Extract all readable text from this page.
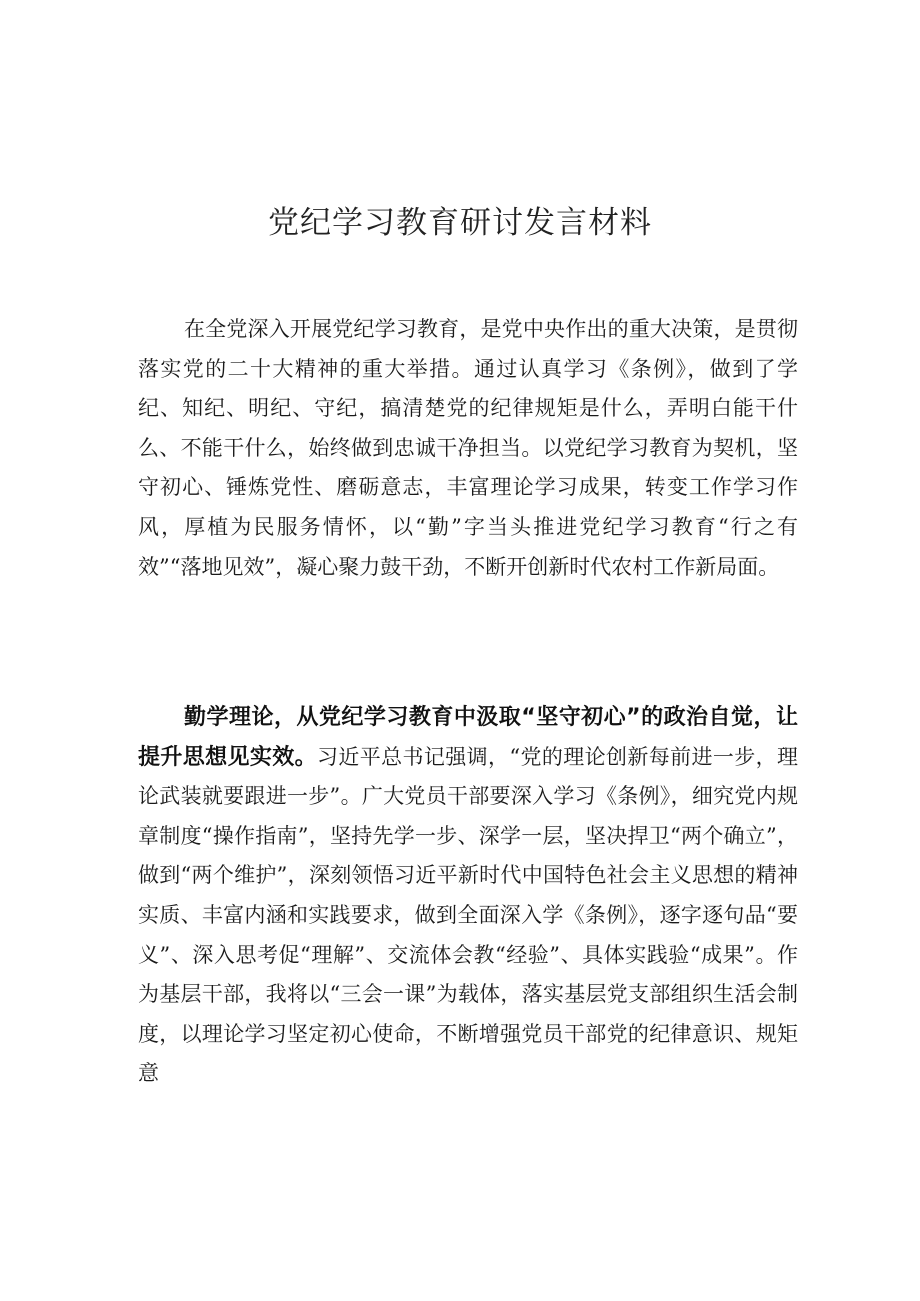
党纪学习教育研讨发言材料

在全党深入开展党纪学习教育，是党中央作出的重大决策，是贯彻落实党的二十大精神的重大举措。通过认真学习《条例》，做到了学纪、知纪、明纪、守纪，搞清楚党的纪律规矩是什么，弄明白能干什么、不能干什么，始终做到忠诚干净担当。以党纪学习教育为契机，坚守初心、锤炼党性、磨砺意志，丰富理论学习成果，转变工作学习作风，厚植为民服务情怀，以“勤”字当头推进党纪学习教育“行之有效”“落地见效”，凝心聚力鼓干劲，不断开创新时代农村工作新局面。

勤学理论，从党纪学习教育中汲取“坚守初心”的政治自觉，让提升思想见实效。习近平总书记强调，“党的理论创新每前进一步，理论武装就要跟进一步”。广大党员干部要深入学习《条例》，细究党内规章制度“操作指南”，坚持先学一步、深学一层，坚决捍卫“两个确立”，做到“两个维护”，深刻领悟习近平新时代中国特色社会主义思想的精神实质、丰富内涵和实践要求，做到全面深入学《条例》，逐字逐句品“要义”、深入思考促“理解”、交流体会教“经验”、具体实践验“成果”。作为基层干部，我将以“三会一课”为载体，落实基层党支部组织生活会制度，以理论学习坚定初心使命，不断增强党员干部党的纪律意识、规矩意
